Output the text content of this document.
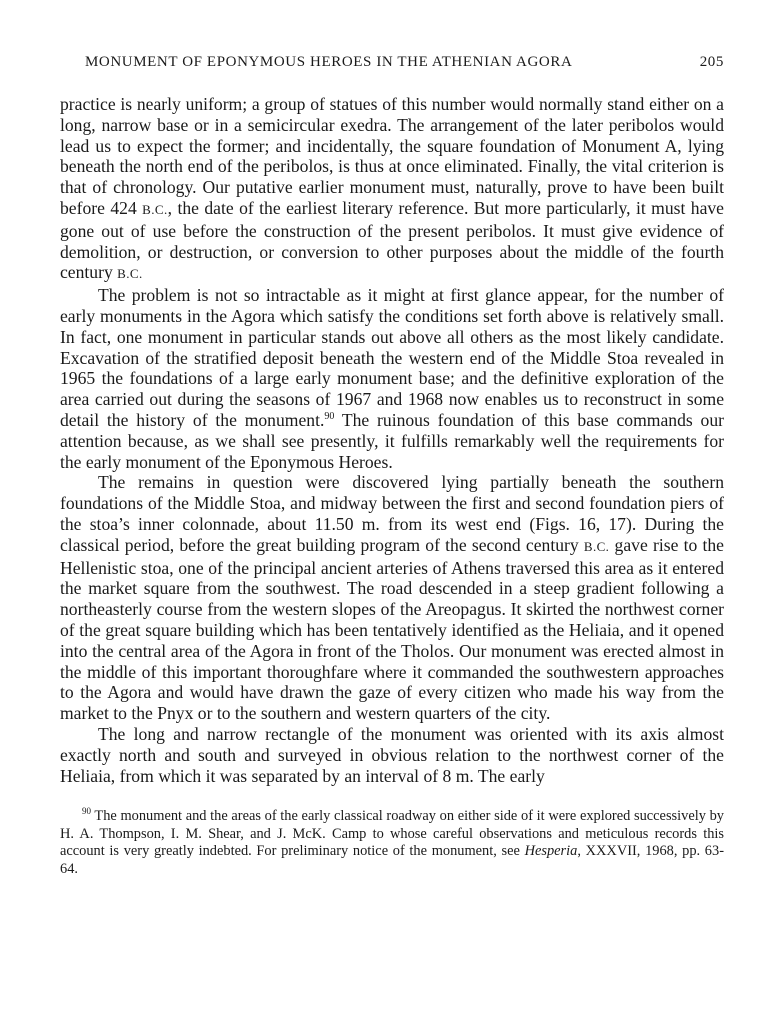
MONUMENT OF EPONYMOUS HEROES IN THE ATHENIAN AGORA	205

practice is nearly uniform; a group of statues of this number would normally stand either on a long, narrow base or in a semicircular exedra. The arrangement of the later peribolos would lead us to expect the former; and incidentally, the square foundation of Monument A, lying beneath the north end of the peribolos, is thus at once eliminated. Finally, the vital criterion is that of chronology. Our putative earlier monument must, naturally, prove to have been built before 424 B.C., the date of the earliest literary reference. But more particularly, it must have gone out of use before the construction of the present peribolos. It must give evidence of demolition, or destruction, or conversion to other purposes about the middle of the fourth century B.C.

The problem is not so intractable as it might at first glance appear, for the number of early monuments in the Agora which satisfy the conditions set forth above is relatively small. In fact, one monument in particular stands out above all others as the most likely candidate. Excavation of the stratified deposit beneath the western end of the Middle Stoa revealed in 1965 the foundations of a large early monument base; and the definitive exploration of the area carried out during the seasons of 1967 and 1968 now enables us to reconstruct in some detail the history of the monument.$^{90}$ The ruinous foundation of this base commands our attention because, as we shall see presently, it fulfills remarkably well the requirements for the early monument of the Eponymous Heroes.

The remains in question were discovered lying partially beneath the southern foundations of the Middle Stoa, and midway between the first and second foundation piers of the stoa’s inner colonnade, about 11.50 m. from its west end (Figs. 16, 17). During the classical period, before the great building program of the second century B.C. gave rise to the Hellenistic stoa, one of the principal ancient arteries of Athens traversed this area as it entered the market square from the southwest. The road descended in a steep gradient following a northeasterly course from the western slopes of the Areopagus. It skirted the northwest corner of the great square building which has been tentatively identified as the Heliaia, and it opened into the central area of the Agora in front of the Tholos. Our monument was erected almost in the middle of this important thoroughfare where it commanded the southwestern approaches to the Agora and would have drawn the gaze of every citizen who made his way from the market to the Pnyx or to the southern and western quarters of the city.

The long and narrow rectangle of the monument was oriented with its axis almost exactly north and south and surveyed in obvious relation to the northwest corner of the Heliaia, from which it was separated by an interval of 8 m. The early

$^{90}$ The monument and the areas of the early classical roadway on either side of it were explored successively by H. A. Thompson, I. M. Shear, and J. McK. Camp to whose careful observations and meticulous records this account is very greatly indebted. For preliminary notice of the monument, see Hesperia, XXXVII, 1968, pp. 63-64.
